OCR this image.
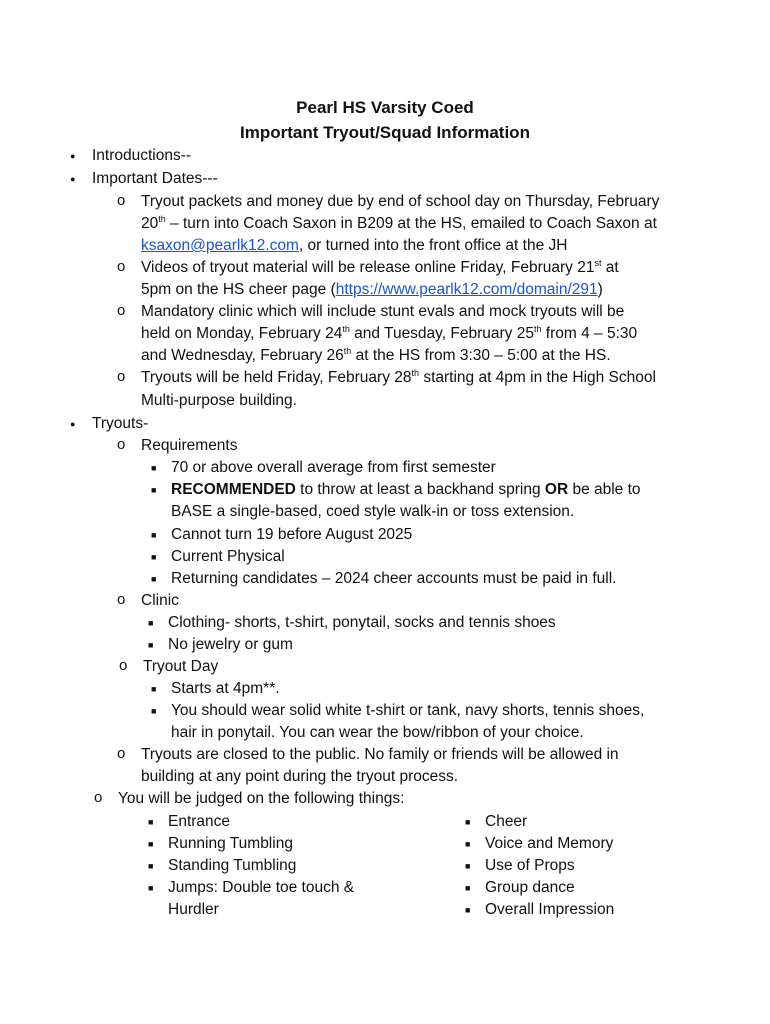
Pearl HS Varsity Coed
Important Tryout/Squad Information
● Introductions--
● Important Dates---
o Tryout packets and money due by end of school day on Thursday, February
20th – turn into Coach Saxon in B209 at the HS, emailed to Coach Saxon at
ksaxon@pearlk12.com, or turned into the front office at the JH
o Videos of tryout material will be release online Friday, February 21st at
5pm on the HS cheer page (https://www.pearlk12.com/domain/291)
o Mandatory clinic which will include stunt evals and mock tryouts will be
held on Monday, February 24th and Tuesday, February 25th from 4 – 5:30
and Wednesday, February 26th at the HS from 3:30 – 5:00 at the HS.
o Tryouts will be held Friday, February 28th starting at 4pm in the High School
Multi-purpose building.
● Tryouts-
o Requirements
■ 70 or above overall average from first semester
■ RECOMMENDED to throw at least a backhand spring OR be able to
BASE a single-based, coed style walk-in or toss extension.
■ Cannot turn 19 before August 2025
■ Current Physical
■ Returning candidates – 2024 cheer accounts must be paid in full.
o Clinic
■ Clothing- shorts, t-shirt, ponytail, socks and tennis shoes
■ No jewelry or gum
o Tryout Day
■ Starts at 4pm**.
■ You should wear solid white t-shirt or tank, navy shorts, tennis shoes,
hair in ponytail. You can wear the bow/ribbon of your choice.
o Tryouts are closed to the public. No family or friends will be allowed in
building at any point during the tryout process.
o You will be judged on the following things:
■ Entrance
■ Running Tumbling
■ Standing Tumbling
■ Jumps: Double toe touch &
Hurdler
■ Cheer
■ Voice and Memory
■ Use of Props
■ Group dance
■ Overall Impression
